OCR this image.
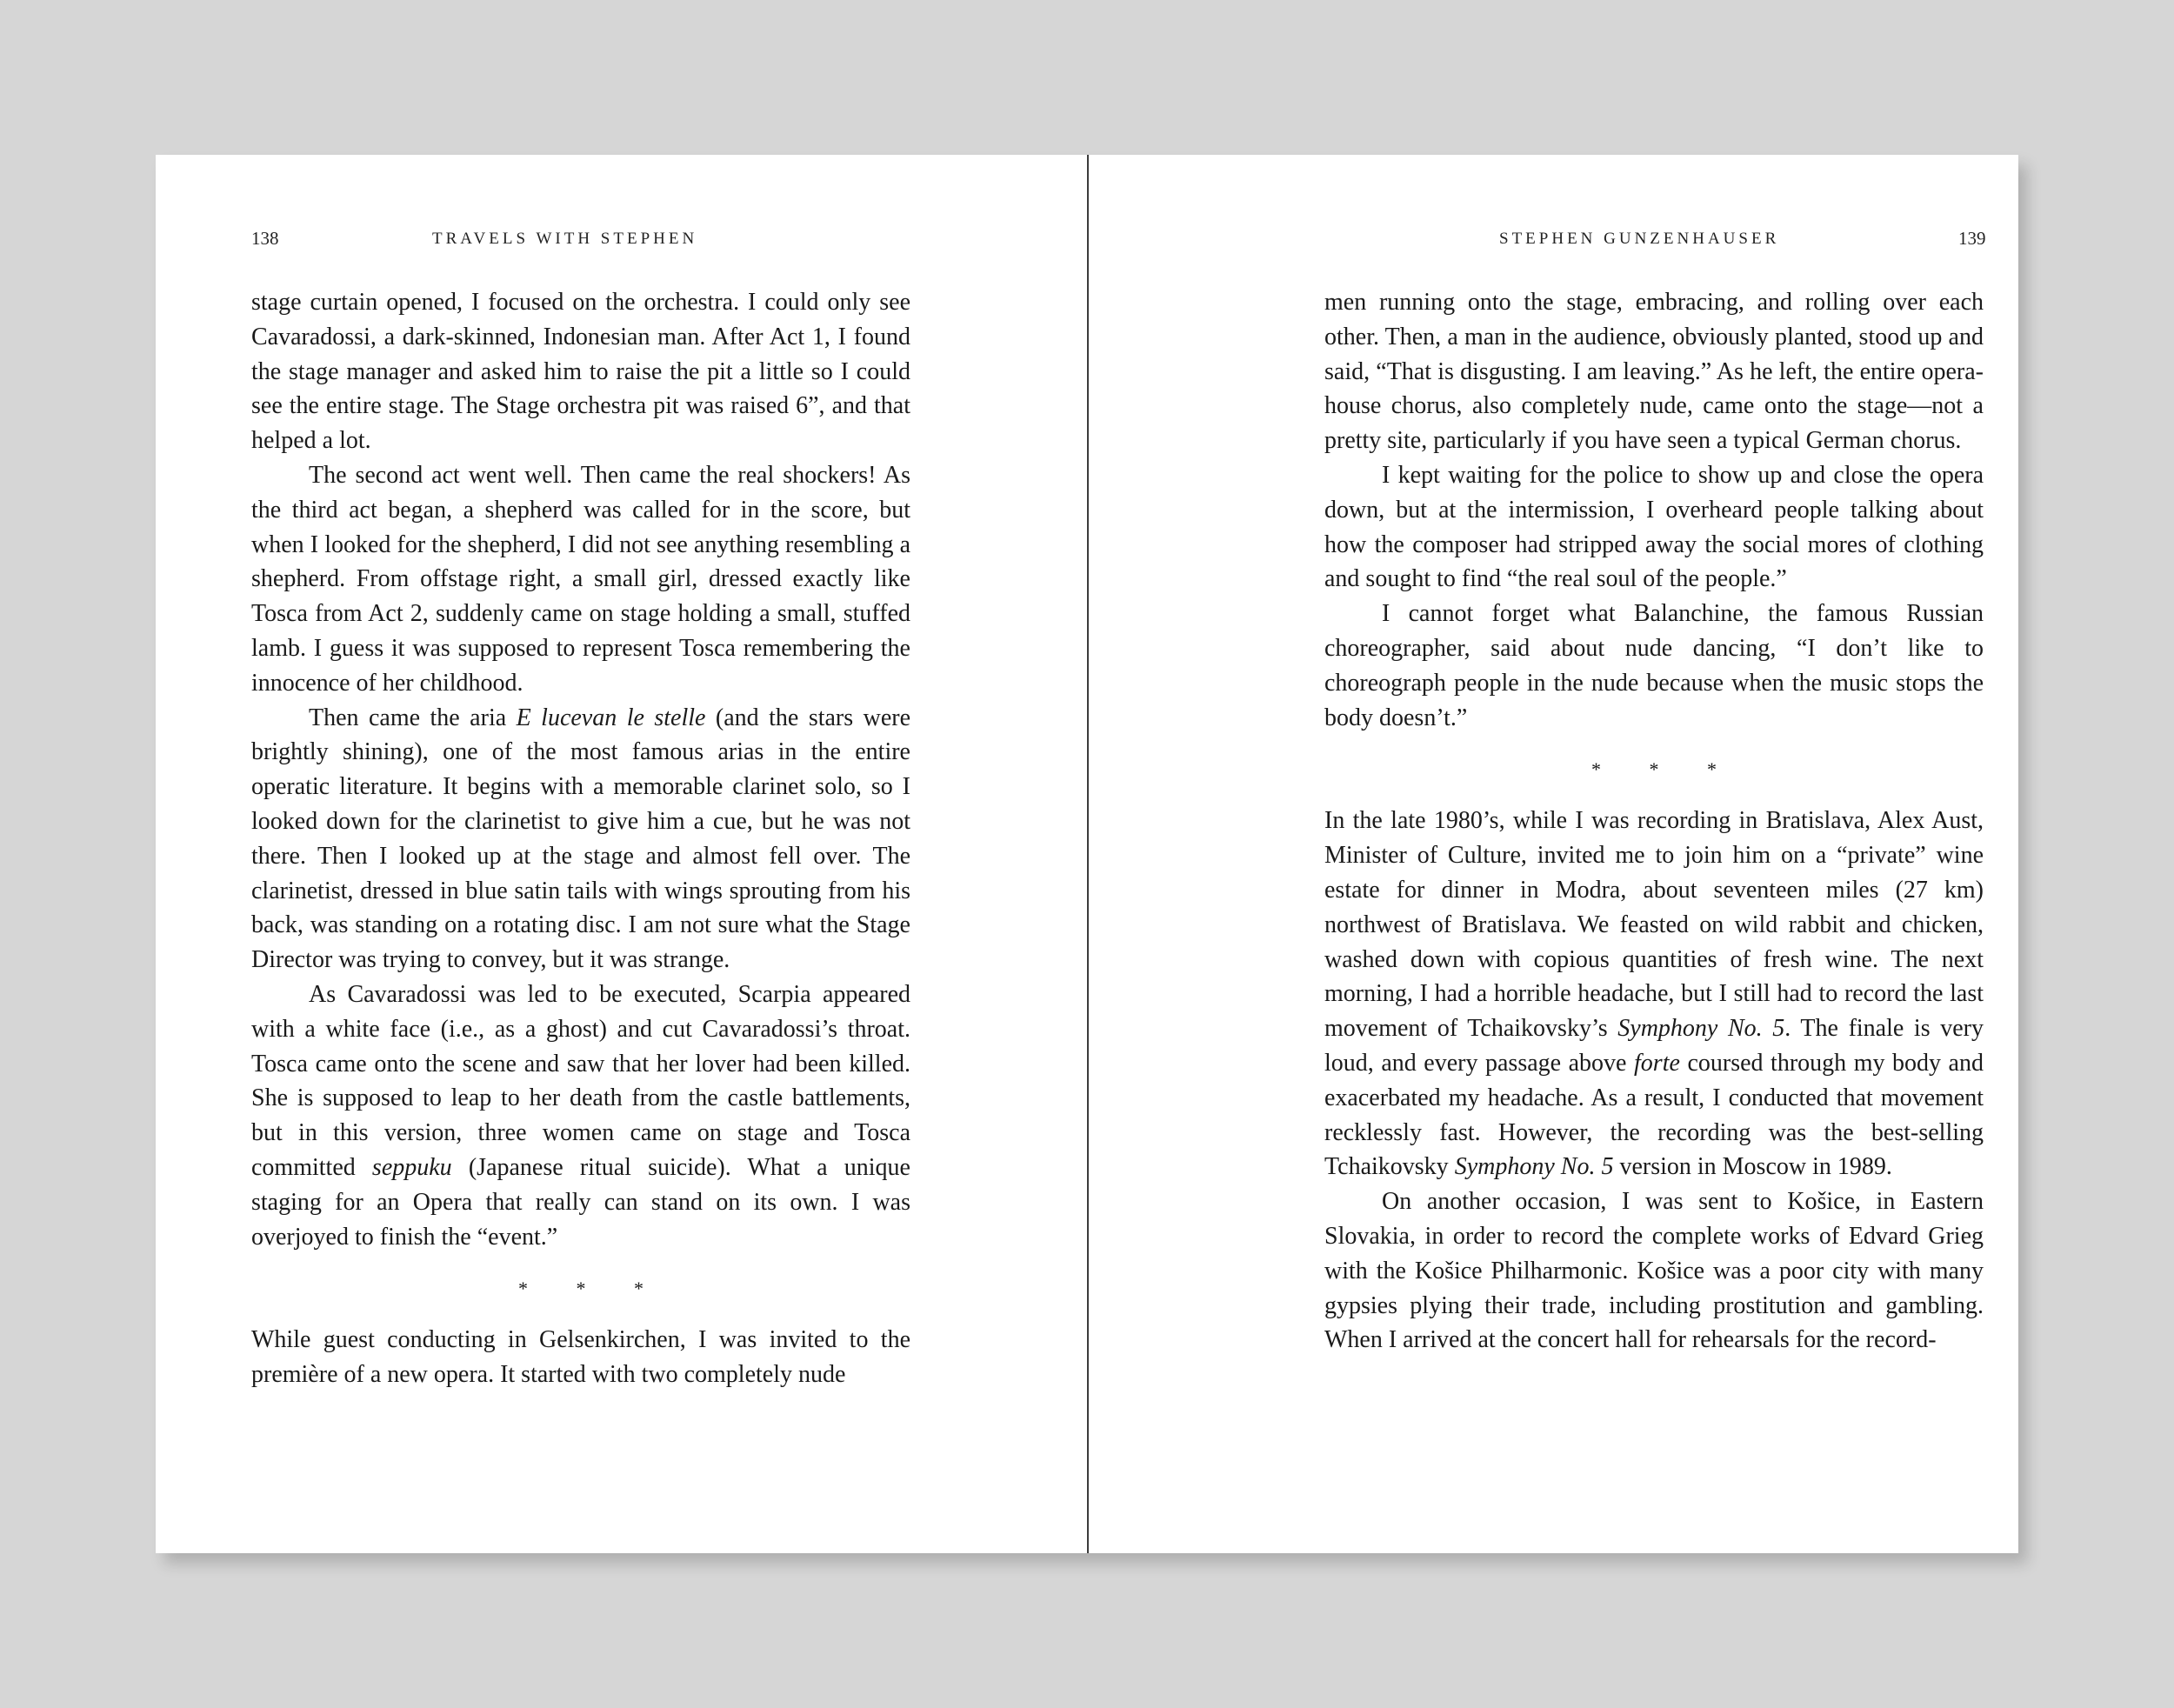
138	TRAVELS WITH STEPHEN

stage curtain opened, I focused on the orchestra. I could only see Cavaradossi, a dark-skinned, Indonesian man. After Act 1, I found the stage manager and asked him to raise the pit a little so I could see the entire stage. The Stage orchestra pit was raised 6”, and that helped a lot.

The second act went well. Then came the real shockers! As the third act began, a shepherd was called for in the score, but when I looked for the shepherd, I did not see anything resembling a shepherd. From offstage right, a small girl, dressed exactly like Tosca from Act 2, suddenly came on stage holding a small, stuffed lamb. I guess it was supposed to represent Tosca remembering the innocence of her childhood.

Then came the aria E lucevan le stelle (and the stars were brightly shining), one of the most famous arias in the entire operatic literature. It begins with a memorable clarinet solo, so I looked down for the clarinetist to give him a cue, but he was not there. Then I looked up at the stage and almost fell over. The clarinetist, dressed in blue satin tails with wings sprouting from his back, was standing on a rotating disc. I am not sure what the Stage Director was trying to convey, but it was strange.

As Cavaradossi was led to be executed, Scarpia appeared with a white face (i.e., as a ghost) and cut Cavaradossi’s throat. Tosca came onto the scene and saw that her lover had been killed. She is supposed to leap to her death from the castle battlements, but in this version, three women came on stage and Tosca committed seppuku (Japanese ritual suicide). What a unique staging for an Opera that really can stand on its own. I was overjoyed to finish the “event.”

* * *

While guest conducting in Gelsenkirchen, I was invited to the première of a new opera. It started with two completely nude

STEPHEN GUNZENHAUSER	139

men running onto the stage, embracing, and rolling over each other. Then, a man in the audience, obviously planted, stood up and said, “That is disgusting. I am leaving.” As he left, the entire opera-house chorus, also completely nude, came onto the stage—not a pretty site, particularly if you have seen a typical German chorus.

I kept waiting for the police to show up and close the opera down, but at the intermission, I overheard people talking about how the composer had stripped away the social mores of clothing and sought to find “the real soul of the people.”

I cannot forget what Balanchine, the famous Russian choreographer, said about nude dancing, “I don’t like to choreograph people in the nude because when the music stops the body doesn’t.”

* * *

In the late 1980’s, while I was recording in Bratislava, Alex Aust, Minister of Culture, invited me to join him on a “private” wine estate for dinner in Modra, about seventeen miles (27 km) northwest of Bratislava. We feasted on wild rabbit and chicken, washed down with copious quantities of fresh wine. The next morning, I had a horrible headache, but I still had to record the last movement of Tchaikovsky’s Symphony No. 5. The finale is very loud, and every passage above forte coursed through my body and exacerbated my headache. As a result, I conducted that movement recklessly fast. However, the recording was the best-selling Tchaikovsky Symphony No. 5 version in Moscow in 1989.

On another occasion, I was sent to Košice, in Eastern Slovakia, in order to record the complete works of Edvard Grieg with the Košice Philharmonic. Košice was a poor city with many gypsies plying their trade, including prostitution and gambling. When I arrived at the concert hall for rehearsals for the record-
